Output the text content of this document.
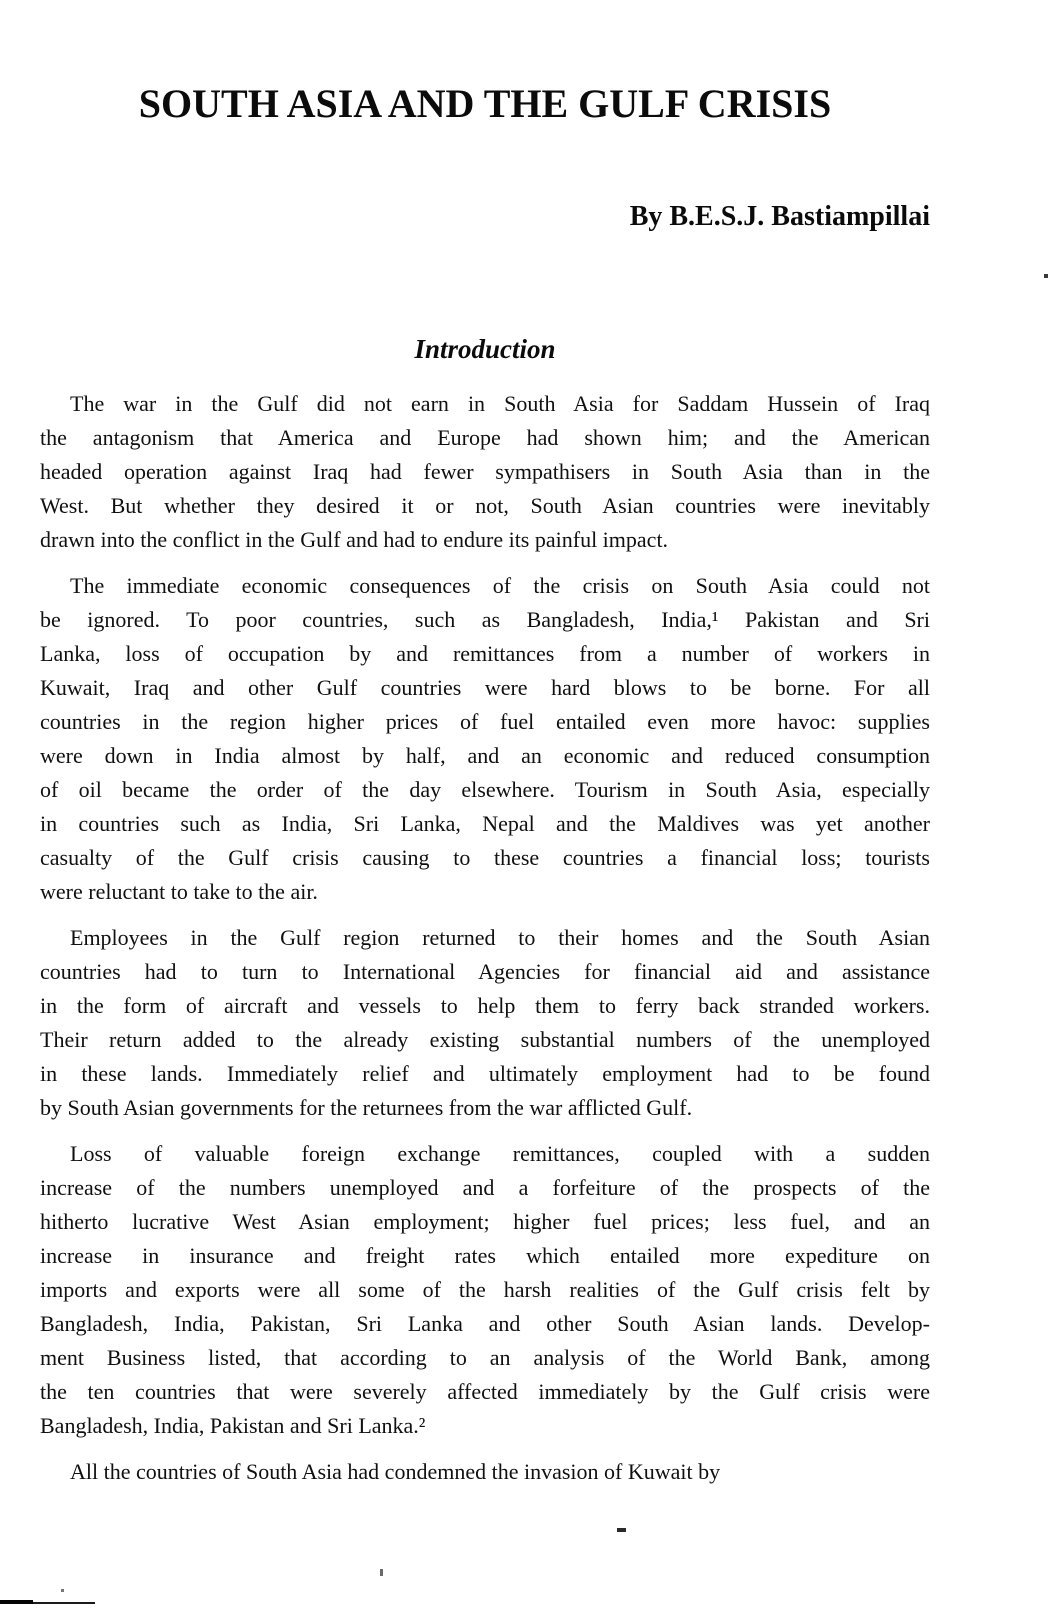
SOUTH ASIA AND THE GULF CRISIS
By B.E.S.J. Bastiampillai
Introduction

The war in the Gulf did not earn in South Asia for Saddam Hussein of Iraq
the antagonism that America and Europe had shown him; and the American
headed operation against Iraq had fewer sympathisers in South Asia than in the
West. But whether they desired it or not, South Asian countries were inevitably
drawn into the conflict in the Gulf and had to endure its painful impact.

The immediate economic consequences of the crisis on South Asia could not
be ignored. To poor countries, such as Bangladesh, India,¹ Pakistan and Sri
Lanka, loss of occupation by and remittances from a number of workers in
Kuwait, Iraq and other Gulf countries were hard blows to be borne. For all
countries in the region higher prices of fuel entailed even more havoc: supplies
were down in India almost by half, and an economic and reduced consumption
of oil became the order of the day elsewhere. Tourism in South Asia, especially
in countries such as India, Sri Lanka, Nepal and the Maldives was yet another
casualty of the Gulf crisis causing to these countries a financial loss; tourists
were reluctant to take to the air.

Employees in the Gulf region returned to their homes and the South Asian
countries had to turn to International Agencies for financial aid and assistance
in the form of aircraft and vessels to help them to ferry back stranded workers.
Their return added to the already existing substantial numbers of the unemployed
in these lands. Immediately relief and ultimately employment had to be found
by South Asian governments for the returnees from the war afflicted Gulf.

Loss of valuable foreign exchange remittances, coupled with a sudden
increase of the numbers unemployed and a forfeiture of the prospects of the
hitherto lucrative West Asian employment; higher fuel prices; less fuel, and an
increase in insurance and freight rates which entailed more expediture on
imports and exports were all some of the harsh realities of the Gulf crisis felt by
Bangladesh, India, Pakistan, Sri Lanka and other South Asian lands. Develop-
ment Business listed, that according to an analysis of the World Bank, among
the ten countries that were severely affected immediately by the Gulf crisis were
Bangladesh, India, Pakistan and Sri Lanka.²

All the countries of South Asia had condemned the invasion of Kuwait by
